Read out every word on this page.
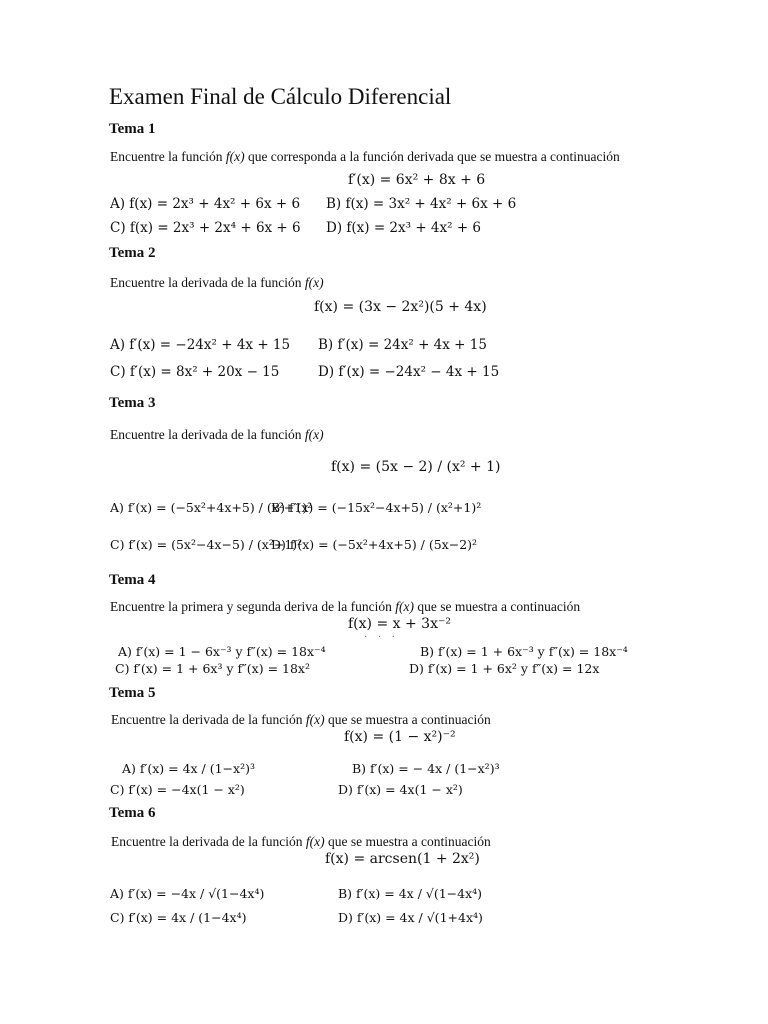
Examen Final de Cálculo Diferencial
Tema 1
Encuentre la función f(x) que corresponda a la función derivada que se muestra a continuación
f′(x) = 6x² + 8x + 6
A) f(x) = 2x³ + 4x² + 6x + 6 B) f(x) = 3x² + 4x² + 6x + 6
C) f(x) = 2x³ + 2x⁴ + 6x + 6 D) f(x) = 2x³ + 4x² + 6
Tema 2
Encuentre la derivada de la función f(x)
f(x) = (3x − 2x²)(5 + 4x)
A) f′(x) = −24x² + 4x + 15 B) f′(x) = 24x² + 4x + 15
C) f′(x) = 8x² + 20x − 15	D) f′(x) = −24x² − 4x + 15
Tema 3
Encuentre la derivada de la función f(x)
f(x) = (5x − 2) / (x² + 1)
A) f′(x) = (−5x²+4x+5) / (x²+1)²
B) f′(x) = (−15x²−4x+5) / (x²+1)²
C) f′(x) = (5x²−4x−5) / (x²+1)²
D) f′(x) = (−5x²+4x+5) / (5x−2)²
Tema 4
Encuentre la primera y segunda deriva de la función f(x) que se muestra a continuación
f(x) = x + 3x⁻²
· · ·
A) f′(x) = 1 − 6x⁻³ y f″(x) = 18x⁻⁴	B) f′(x) = 1 + 6x⁻³ y f″(x) = 18x⁻⁴
C) f′(x) = 1 + 6x³ y f″(x) = 18x²	D) f′(x) = 1 + 6x² y f″(x) = 12x
Tema 5
Encuentre la derivada de la función f(x) que se muestra a continuación
f(x) = (1 − x²)⁻²
A) f′(x) = 4x / (1−x²)³	B) f′(x) = − 4x / (1−x²)³
C) f′(x) = −4x(1 − x²)	D) f′(x) = 4x(1 − x²)
Tema 6
Encuentre la derivada de la función f(x) que se muestra a continuación
f(x) = arcsen(1 + 2x²)
A) f′(x) = −4x / √(1−4x⁴)	B) f′(x) = 4x / √(1−4x⁴)
C) f′(x) = 4x / (1−4x⁴)	D) f′(x) = 4x / √(1+4x⁴)
